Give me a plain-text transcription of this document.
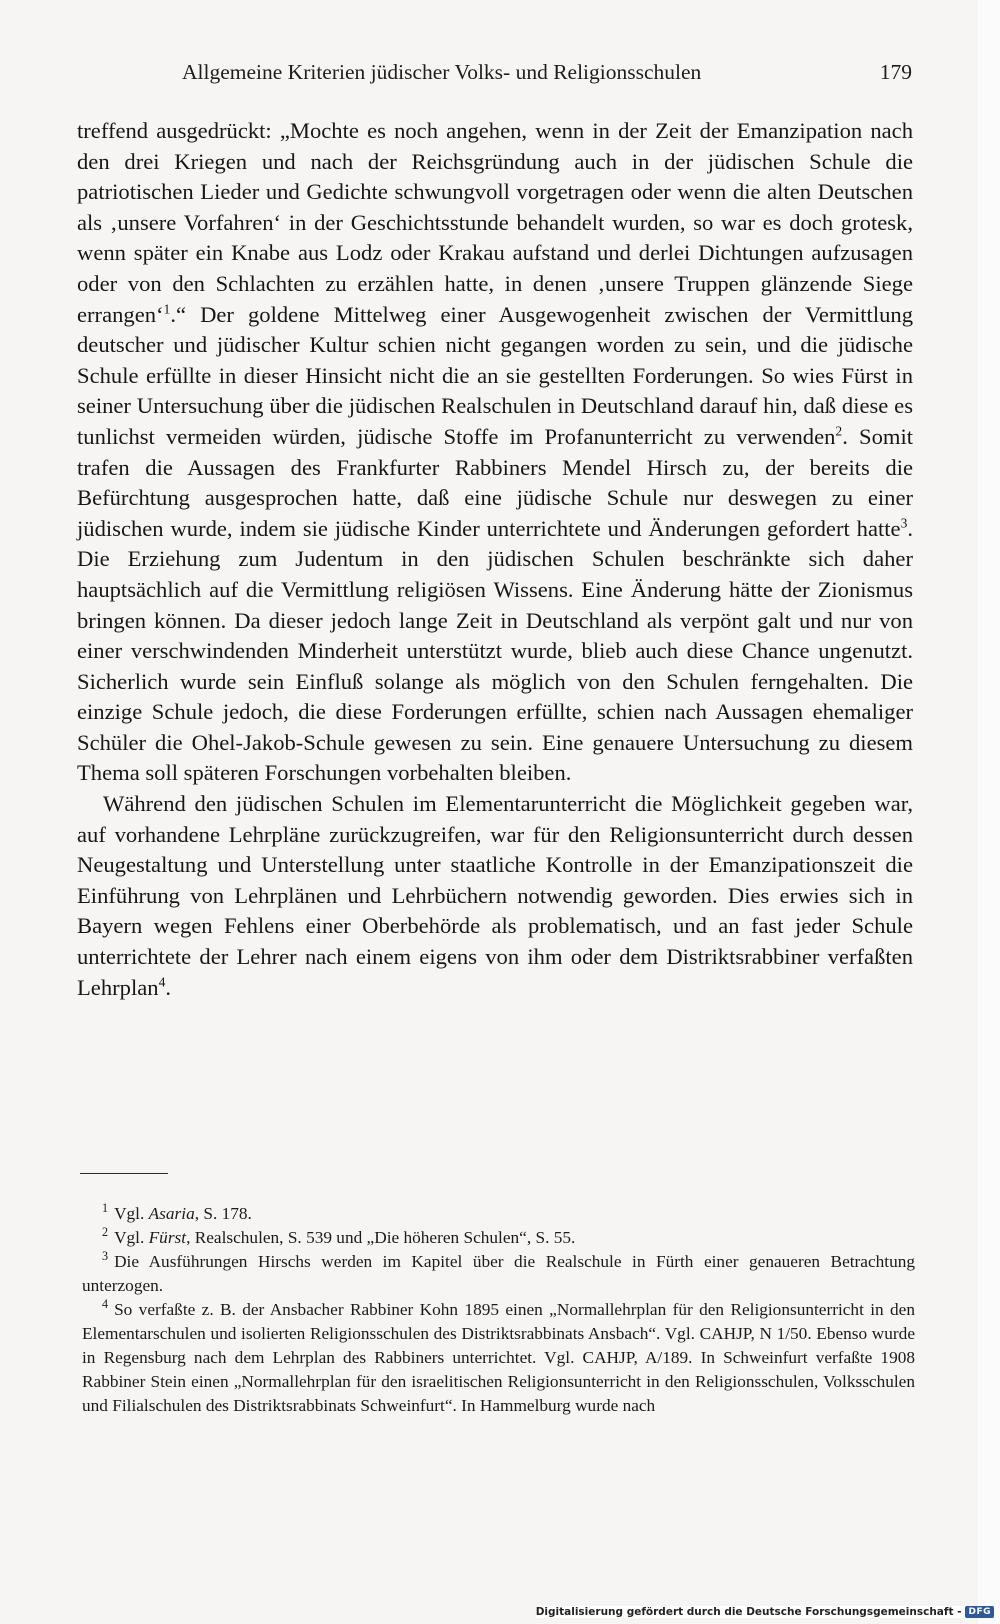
Allgemeine Kriterien jüdischer Volks- und Religionsschulen	179

treffend ausgedrückt: „Mochte es noch angehen, wenn in der Zeit der Emanzipation nach den drei Kriegen und nach der Reichsgründung auch in der jüdischen Schule die patriotischen Lieder und Gedichte schwungvoll vorgetragen oder wenn die alten Deutschen als ‚unsere Vorfahren‘ in der Geschichtsstunde behandelt wurden, so war es doch grotesk, wenn später ein Knabe aus Lodz oder Krakau aufstand und derlei Dichtungen aufzusagen oder von den Schlachten zu erzählen hatte, in denen ‚unsere Truppen glänzende Siege errangen‘$^1$.“ Der goldene Mittelweg einer Ausgewogenheit zwischen der Vermittlung deutscher und jüdischer Kultur schien nicht gegangen worden zu sein, und die jüdische Schule erfüllte in dieser Hinsicht nicht die an sie gestellten Forderungen. So wies Fürst in seiner Untersuchung über die jüdischen Realschulen in Deutschland darauf hin, daß diese es tunlichst vermeiden würden, jüdische Stoffe im Profanunterricht zu verwenden$^2$. Somit trafen die Aussagen des Frankfurter Rabbiners Mendel Hirsch zu, der bereits die Befürchtung ausgesprochen hatte, daß eine jüdische Schule nur deswegen zu einer jüdischen wurde, indem sie jüdische Kinder unterrichtete und Änderungen gefordert hatte$^3$. Die Erziehung zum Judentum in den jüdischen Schulen beschränkte sich daher hauptsächlich auf die Vermittlung religiösen Wissens. Eine Änderung hätte der Zionismus bringen können. Da dieser jedoch lange Zeit in Deutschland als verpönt galt und nur von einer verschwindenden Minderheit unterstützt wurde, blieb auch diese Chance ungenutzt. Sicherlich wurde sein Einfluß solange als möglich von den Schulen ferngehalten. Die einzige Schule jedoch, die diese Forderungen erfüllte, schien nach Aussagen ehemaliger Schüler die Ohel-Jakob-Schule gewesen zu sein. Eine genauere Untersuchung zu diesem Thema soll späteren Forschungen vorbehalten bleiben.

Während den jüdischen Schulen im Elementarunterricht die Möglichkeit gegeben war, auf vorhandene Lehrpläne zurückzugreifen, war für den Religionsunterricht durch dessen Neugestaltung und Unterstellung unter staatliche Kontrolle in der Emanzipationszeit die Einführung von Lehrplänen und Lehrbüchern notwendig geworden. Dies erwies sich in Bayern wegen Fehlens einer Oberbehörde als problematisch, und an fast jeder Schule unterrichtete der Lehrer nach einem eigens von ihm oder dem Distriktsrabbiner verfaßten Lehrplan$^4$.

$^1$ Vgl. Asaria, S. 178.

$^2$ Vgl. Fürst, Realschulen, S. 539 und „Die höheren Schulen“, S. 55.

$^3$ Die Ausführungen Hirschs werden im Kapitel über die Realschule in Fürth einer genaueren Betrachtung unterzogen.

$^4$ So verfaßte z. B. der Ansbacher Rabbiner Kohn 1895 einen „Normallehrplan für den Religionsunterricht in den Elementarschulen und isolierten Religionsschulen des Distriktsrabbinats Ansbach“. Vgl. CAHJP, N 1/50. Ebenso wurde in Regensburg nach dem Lehrplan des Rabbiners unterrichtet. Vgl. CAHJP, A/189. In Schweinfurt verfaßte 1908 Rabbiner Stein einen „Normallehrplan für den israelitischen Religionsunterricht in den Religionsschulen, Volksschulen und Filialschulen des Distriktsrabbinats Schweinfurt“. In Hammelburg wurde nach

Digitalisierung gefördert durch die Deutsche Forschungsgemeinschaft - DFG
